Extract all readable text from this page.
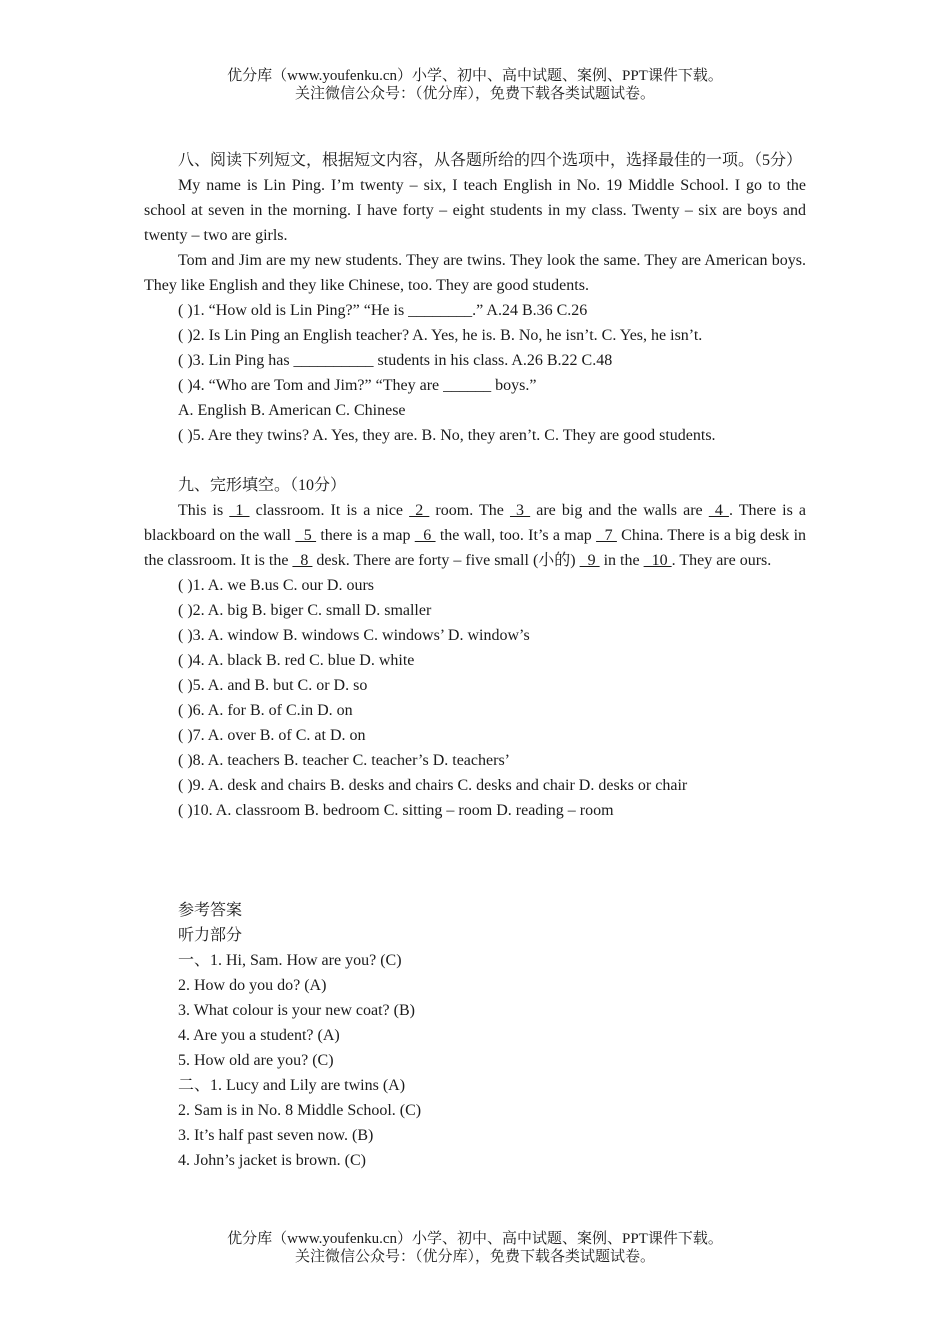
优分库（www.youfenku.cn）小学、初中、高中试题、案例、PPT课件下载。
关注微信公众号：（优分库），免费下载各类试题试卷。

八、阅读下列短文，根据短文内容，从各题所给的四个选项中，选择最佳的一项。（5分）

My name is Lin Ping. I’m twenty – six, I teach English in No. 19 Middle School. I go to the school at seven in the morning. I have forty – eight students in my class. Twenty – six are boys and twenty – two are girls.

Tom and Jim are my new students. They are twins. They look the same. They are American boys. They like English and they like Chinese, too. They are good students.

( )1. “How old is Lin Ping?” “He is ________.” A.24 B.36 C.26

( )2. Is Lin Ping an English teacher? A. Yes, he is. B. No, he isn’t. C. Yes, he isn’t.

( )3. Lin Ping has __________ students in his class. A.26 B.22 C.48

( )4. “Who are Tom and Jim?” “They are ______ boys.”

A. English B. American C. Chinese

( )5. Are they twins? A. Yes, they are. B. No, they aren’t. C. They are good students.

九、完形填空。（10分）

This is  1  classroom. It is a nice  2  room. The  3  are big and the walls are  4 . There is a blackboard on the wall   5  there is a map   6  the wall, too. It’s a map   7  China. There is a big desk in the classroom. It is the   8  desk. There are forty – five small (小的)   9  in the   10 . They are ours.

( )1. A. we B.us C. our D. ours

( )2. A. big B. biger C. small D. smaller

( )3. A. window B. windows C. windows’ D. window’s

( )4. A. black B. red C. blue D. white

( )5. A. and B. but C. or D. so

( )6. A. for B. of C.in D. on

( )7. A. over B. of C. at D. on

( )8. A. teachers B. teacher C. teacher’s D. teachers’

( )9. A. desk and chairs B. desks and chairs C. desks and chair D. desks or chair

( )10. A. classroom B. bedroom C. sitting – room D. reading – room

参考答案

听力部分

一、1. Hi, Sam. How are you? (C)

2. How do you do? (A)

3. What colour is your new coat? (B)

4. Are you a student? (A)

5. How old are you? (C)

二、1. Lucy and Lily are twins (A)

2. Sam is in No. 8 Middle School. (C)

3. It’s half past seven now. (B)

4. John’s jacket is brown. (C)

优分库（www.youfenku.cn）小学、初中、高中试题、案例、PPT课件下载。
关注微信公众号：（优分库），免费下载各类试题试卷。
